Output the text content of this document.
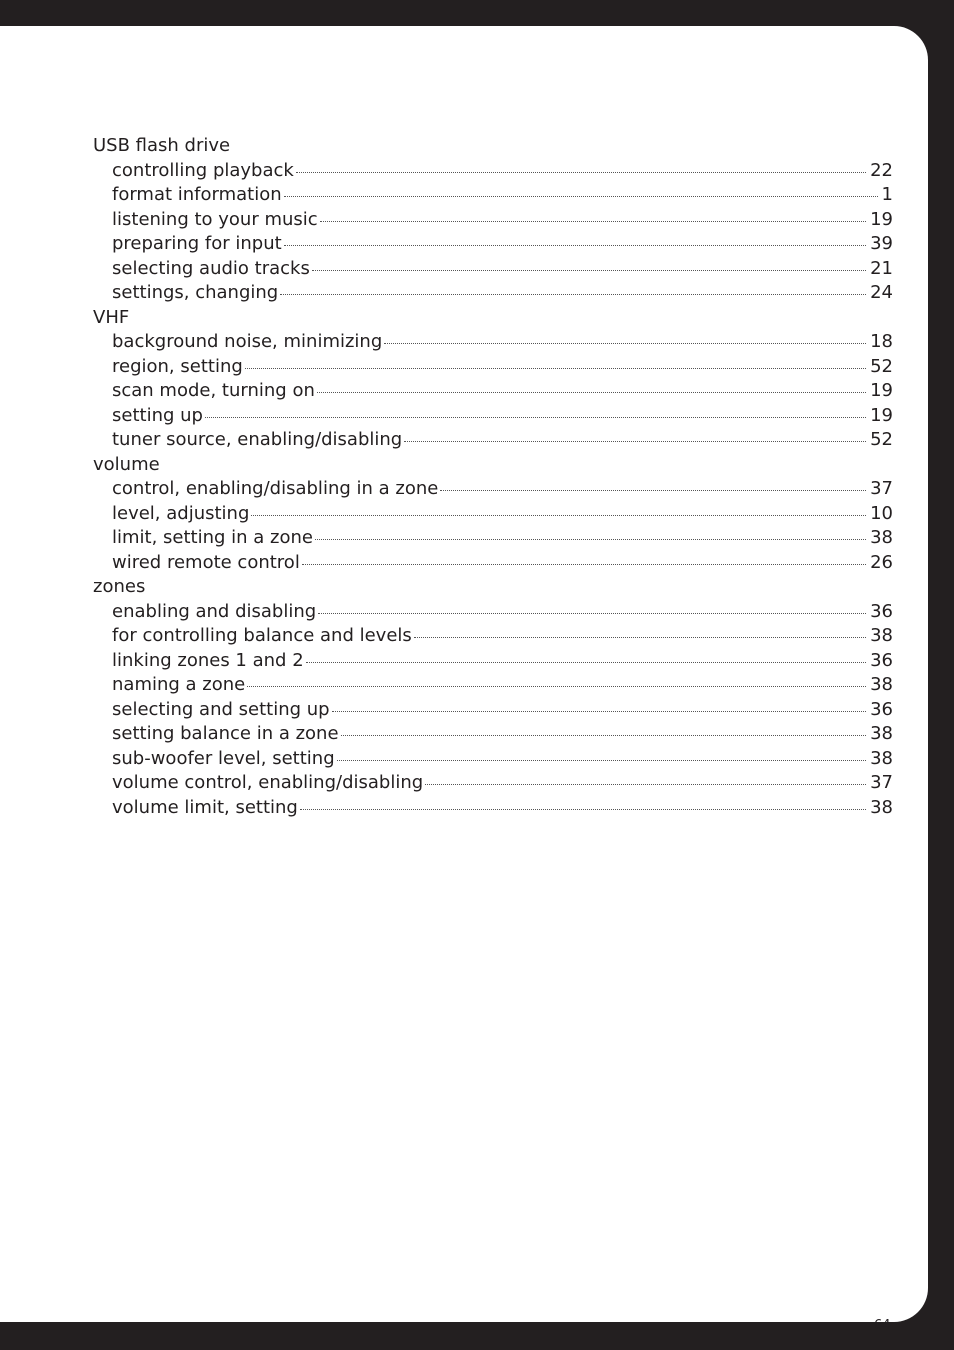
USB flash drive
controlling playback	22
format information	1
listening to your music	19
preparing for input	39
selecting audio tracks	21
settings, changing	24
VHF
background noise, minimizing	18
region, setting	52
scan mode, turning on	19
setting up	19
tuner source, enabling/disabling	52
volume
control, enabling/disabling in a zone	37
level, adjusting	10
limit, setting in a zone	38
wired remote control	26
zones
enabling and disabling	36
for controlling balance and levels	38
linking zones 1 and 2	36
naming a zone	38
selecting and setting up	36
setting balance in a zone	38
sub-woofer level, setting	38
volume control, enabling/disabling	37
volume limit, setting	38
64
